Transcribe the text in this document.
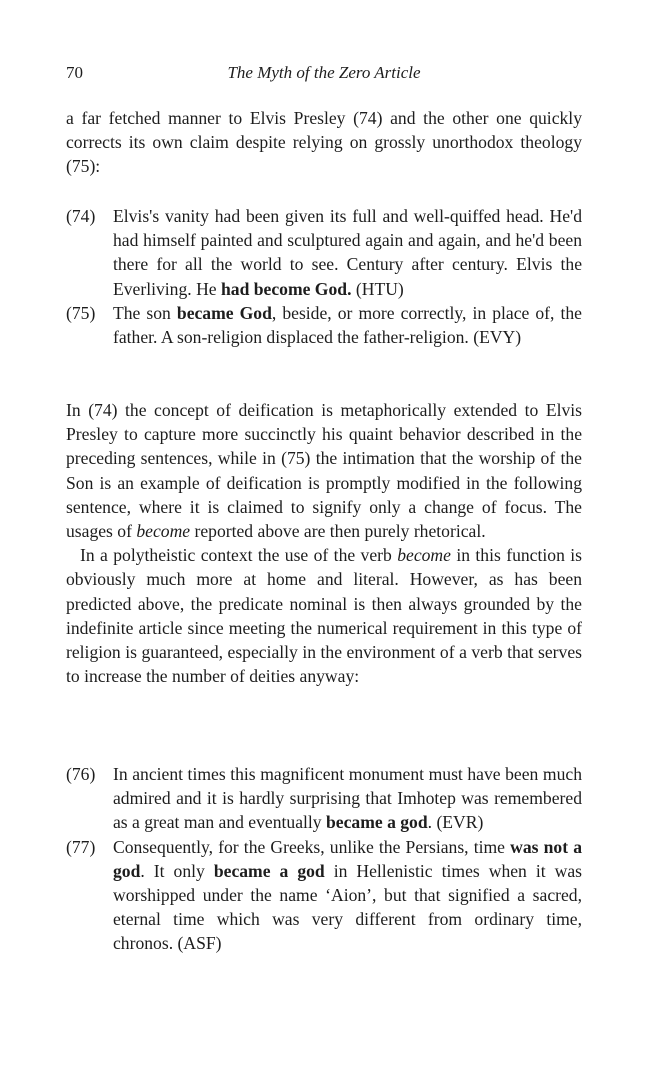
70	The Myth of the Zero Article

a far fetched manner to Elvis Presley (74) and the other one quickly corrects its own claim despite relying on grossly unorthodox theology (75):

(74) Elvis's vanity had been given its full and well-quiffed head. He'd had himself painted and sculptured again and again, and he'd been there for all the world to see. Century after century. Elvis the Everliving. He had become God. (HTU)
(75) The son became God, beside, or more correctly, in place of, the father. A son-religion displaced the father-religion. (EVY)

In (74) the concept of deification is metaphorically extended to Elvis Presley to capture more succinctly his quaint behavior described in the preceding sentences, while in (75) the intimation that the worship of the Son is an example of deification is promptly modified in the following sentence, where it is claimed to signify only a change of focus. The usages of become reported above are then purely rhetorical.

In a polytheistic context the use of the verb become in this function is obviously much more at home and literal. However, as has been predicted above, the predicate nominal is then always grounded by the indefinite article since meeting the numerical requirement in this type of religion is guaranteed, especially in the environment of a verb that serves to increase the number of deities anyway:

(76) In ancient times this magnificent monument must have been much admired and it is hardly surprising that Imhotep was remembered as a great man and eventually became a god. (EVR)
(77) Consequently, for the Greeks, unlike the Persians, time was not a god. It only became a god in Hellenistic times when it was worshipped under the name ‘Aion’, but that signified a sacred, eternal time which was very different from ordinary time, chronos. (ASF)
